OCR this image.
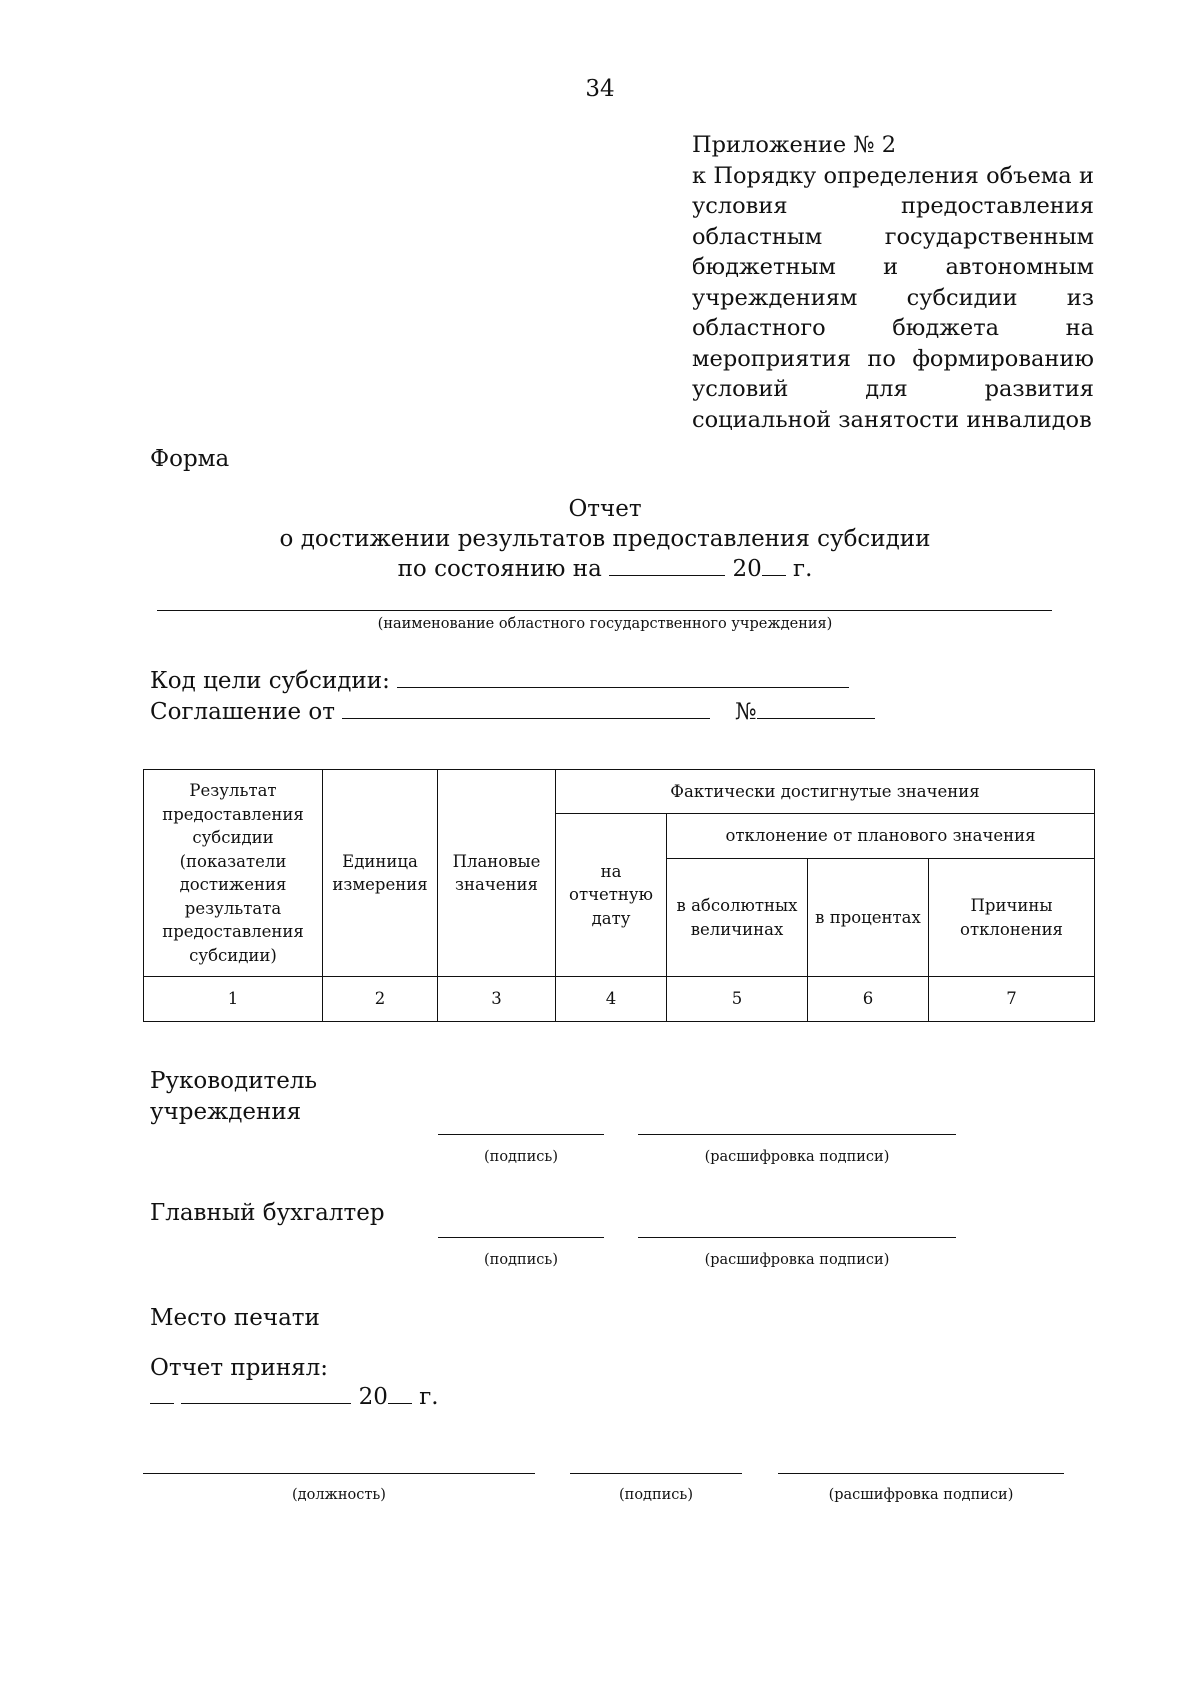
34
Приложение № 2
к Порядку определения объема и условия предоставления областным государственным бюджетным и автономным учреждениям субсидии из областного бюджета на мероприятия по формированию условий для развития социальной занятости инвалидов
Форма
Отчет
о достижении результатов предоставления субсидии
по состоянию на	20 г.
(наименование областного государственного учреждения)
Код цели субсидии:
Соглашение от	№
Результат предоставления субсидии (показатели достижения результата предоставления субсидии)	Единица измерения	Плановые значения	Фактически достигнутые значения			
			на отчетную дату	отклонение от планового значения		
				в абсолютных величинах	в процентах	Причины отклонения
1	2	3	4	5	6	7
Руководитель учреждения
(подпись)	(расшифровка подписи)
Главный бухгалтер
(подпись)	(расшифровка подписи)
Место печати
Отчет принял:
20 г.
(должность)	(подпись)	(расшифровка подписи)
